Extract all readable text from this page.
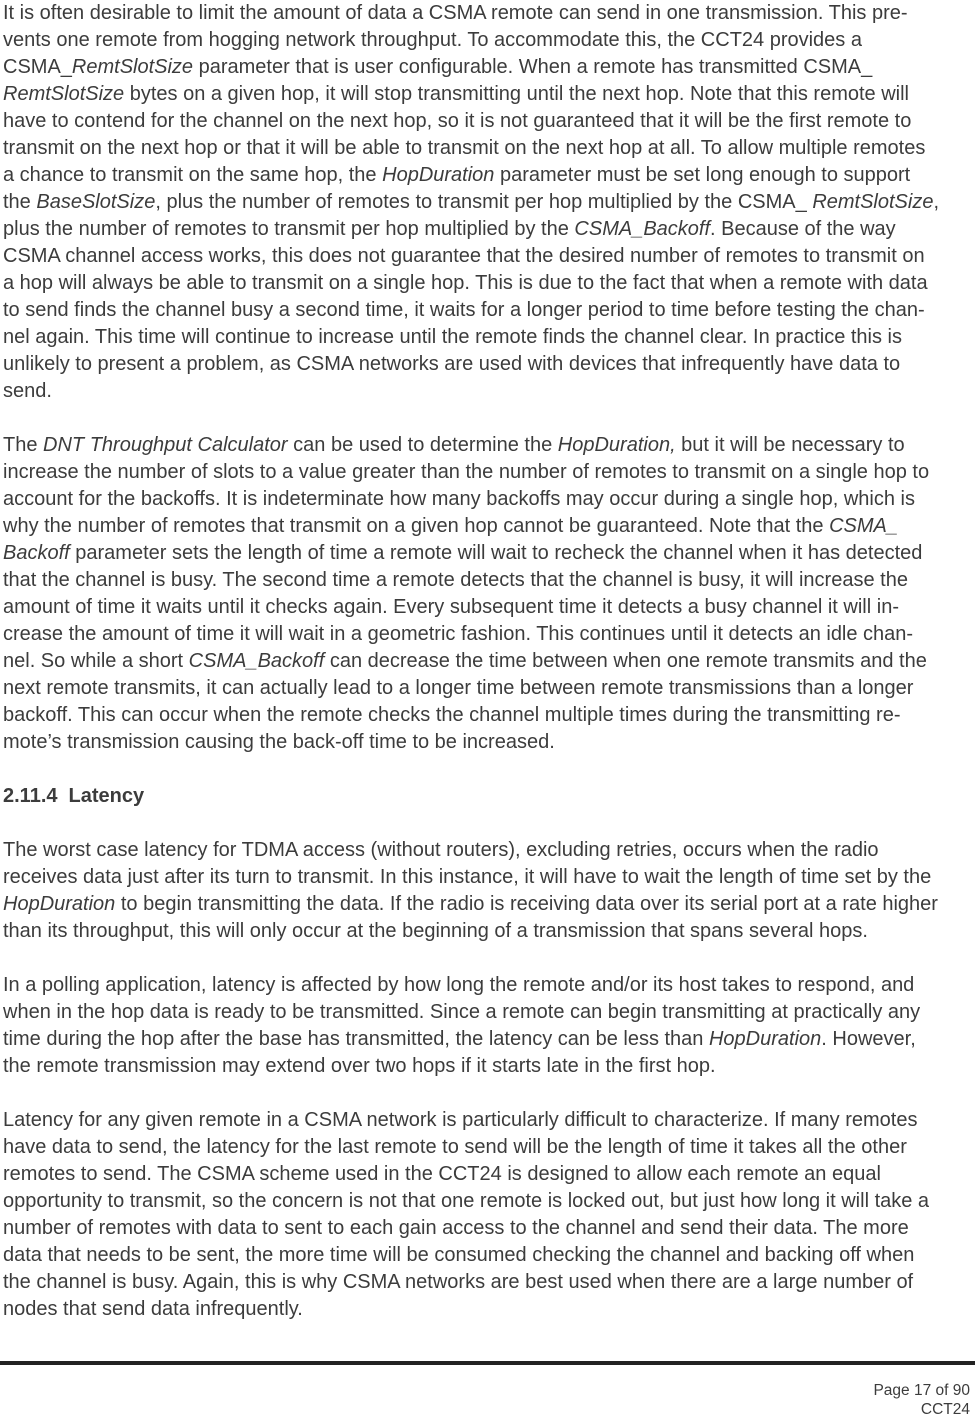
It is often desirable to limit the amount of data a CSMA remote can send in one transmission. This pre-
vents one remote from hogging network throughput. To accommodate this, the CCT24 provides a
CSMA_RemtSlotSize parameter that is user configurable. When a remote has transmitted CSMA_
RemtSlotSize bytes on a given hop, it will stop transmitting until the next hop. Note that this remote will
have to contend for the channel on the next hop, so it is not guaranteed that it will be the first remote to
transmit on the next hop or that it will be able to transmit on the next hop at all. To allow multiple remotes
a chance to transmit on the same hop, the HopDuration parameter must be set long enough to support
the BaseSlotSize, plus the number of remotes to transmit per hop multiplied by the CSMA_ RemtSlotSize,
plus the number of remotes to transmit per hop multiplied by the CSMA_Backoff. Because of the way
CSMA channel access works, this does not guarantee that the desired number of remotes to transmit on
a hop will always be able to transmit on a single hop. This is due to the fact that when a remote with data
to send finds the channel busy a second time, it waits for a longer period to time before testing the chan-
nel again. This time will continue to increase until the remote finds the channel clear. In practice this is
unlikely to present a problem, as CSMA networks are used with devices that infrequently have data to
send.
The DNT Throughput Calculator can be used to determine the HopDuration, but it will be necessary to
increase the number of slots to a value greater than the number of remotes to transmit on a single hop to
account for the backoffs. It is indeterminate how many backoffs may occur during a single hop, which is
why the number of remotes that transmit on a given hop cannot be guaranteed. Note that the CSMA_
Backoff parameter sets the length of time a remote will wait to recheck the channel when it has detected
that the channel is busy. The second time a remote detects that the channel is busy, it will increase the
amount of time it waits until it checks again. Every subsequent time it detects a busy channel it will in-
crease the amount of time it will wait in a geometric fashion. This continues until it detects an idle chan-
nel. So while a short CSMA_Backoff can decrease the time between when one remote transmits and the
next remote transmits, it can actually lead to a longer time between remote transmissions than a longer
backoff. This can occur when the remote checks the channel multiple times during the transmitting re-
mote’s transmission causing the back-off time to be increased.
2.11.4 Latency
The worst case latency for TDMA access (without routers), excluding retries, occurs when the radio
receives data just after its turn to transmit. In this instance, it will have to wait the length of time set by the
HopDuration to begin transmitting the data. If the radio is receiving data over its serial port at a rate higher
than its throughput, this will only occur at the beginning of a transmission that spans several hops.
In a polling application, latency is affected by how long the remote and/or its host takes to respond, and
when in the hop data is ready to be transmitted. Since a remote can begin transmitting at practically any
time during the hop after the base has transmitted, the latency can be less than HopDuration. However,
the remote transmission may extend over two hops if it starts late in the first hop.
Latency for any given remote in a CSMA network is particularly difficult to characterize. If many remotes
have data to send, the latency for the last remote to send will be the length of time it takes all the other
remotes to send. The CSMA scheme used in the CCT24 is designed to allow each remote an equal
opportunity to transmit, so the concern is not that one remote is locked out, but just how long it will take a
number of remotes with data to sent to each gain access to the channel and send their data. The more
data that needs to be sent, the more time will be consumed checking the channel and backing off when
the channel is busy. Again, this is why CSMA networks are best used when there are a large number of
nodes that send data infrequently.
Page 17 of 90
CCT24
